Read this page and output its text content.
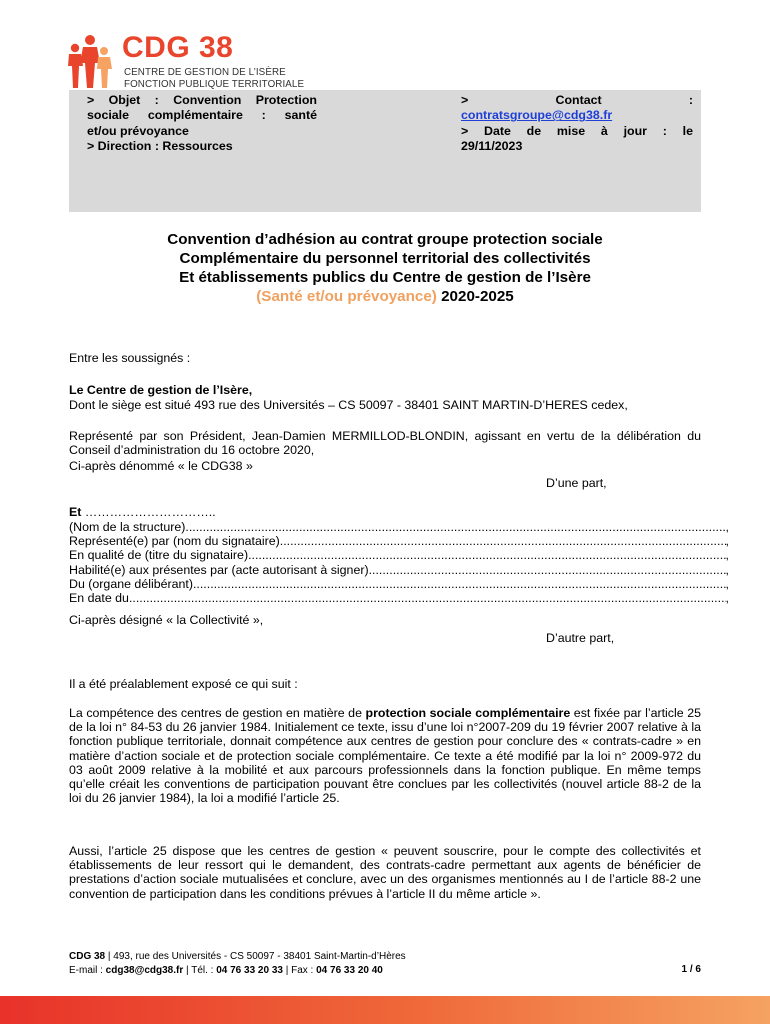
CDG 38
CENTRE DE GESTION DE L’ISÈRE
FONCTION PUBLIQUE TERRITORIALE
> Objet : Convention Protection
sociale complémentaire : santé
et/ou prévoyance
> Direction : Ressources
>	Contact :
contratsgroupe@cdg38.fr
> Date de mise à jour : le
29/11/2023
Convention d’adhésion au contrat groupe protection sociale
Complémentaire du personnel territorial des collectivités
Et établissements publics du Centre de gestion de l’Isère
(Santé et/ou prévoyance) 2020-2025
Entre les soussignés :
Le Centre de gestion de l’Isère,
Dont le siège est situé 493 rue des Universités – CS 50097 - 38401 SAINT MARTIN-D’HERES cedex,
Représenté par son Président, Jean-Damien MERMILLOD-BLONDIN, agissant en vertu de la délibération du Conseil d’administration du 16 octobre 2020,
Ci-après dénommé « le CDG38 »
D’une part,
Et …………………………..
(Nom de la structure) .....	,
Représenté(e) par (nom du signataire) .....	,
En qualité de (titre du signataire) .....	,
Habilité(e) aux présentes par (acte autorisant à signer) .....	,
Du (organe délibérant) .....	,
En date du .....	,
Ci-après désigné « la Collectivité »,
D’autre part,
Il a été préalablement exposé ce qui suit :
La compétence des centres de gestion en matière de protection sociale complémentaire est fixée par l’article 25 de la loi n° 84-53 du 26 janvier 1984. Initialement ce texte, issu d’une loi n°2007-209 du 19 février 2007 relative à la fonction publique territoriale, donnait compétence aux centres de gestion pour conclure des « contrats-cadre » en matière d’action sociale et de protection sociale complémentaire. Ce texte a été modifié par la loi n° 2009-972 du 03 août 2009 relative à la mobilité et aux parcours professionnels dans la fonction publique. En même temps qu’elle créait les conventions de participation pouvant être conclues par les collectivités (nouvel article 88-2 de la loi du 26 janvier 1984), la loi a modifié l’article 25.
Aussi, l’article 25 dispose que les centres de gestion « peuvent souscrire, pour le compte des collectivités et établissements de leur ressort qui le demandent, des contrats-cadre permettant aux agents de bénéficier de prestations d’action sociale mutualisées et conclure, avec un des organismes mentionnés au I de l’article 88-2 une convention de participation dans les conditions prévues à l’article II du même article ».
CDG 38 | 493, rue des Universités - CS 50097 - 38401 Saint-Martin-d’Hères
E-mail : cdg38@cdg38.fr | Tél. : 04 76 33 20 33 | Fax : 04 76 33 20 40	1 / 6
